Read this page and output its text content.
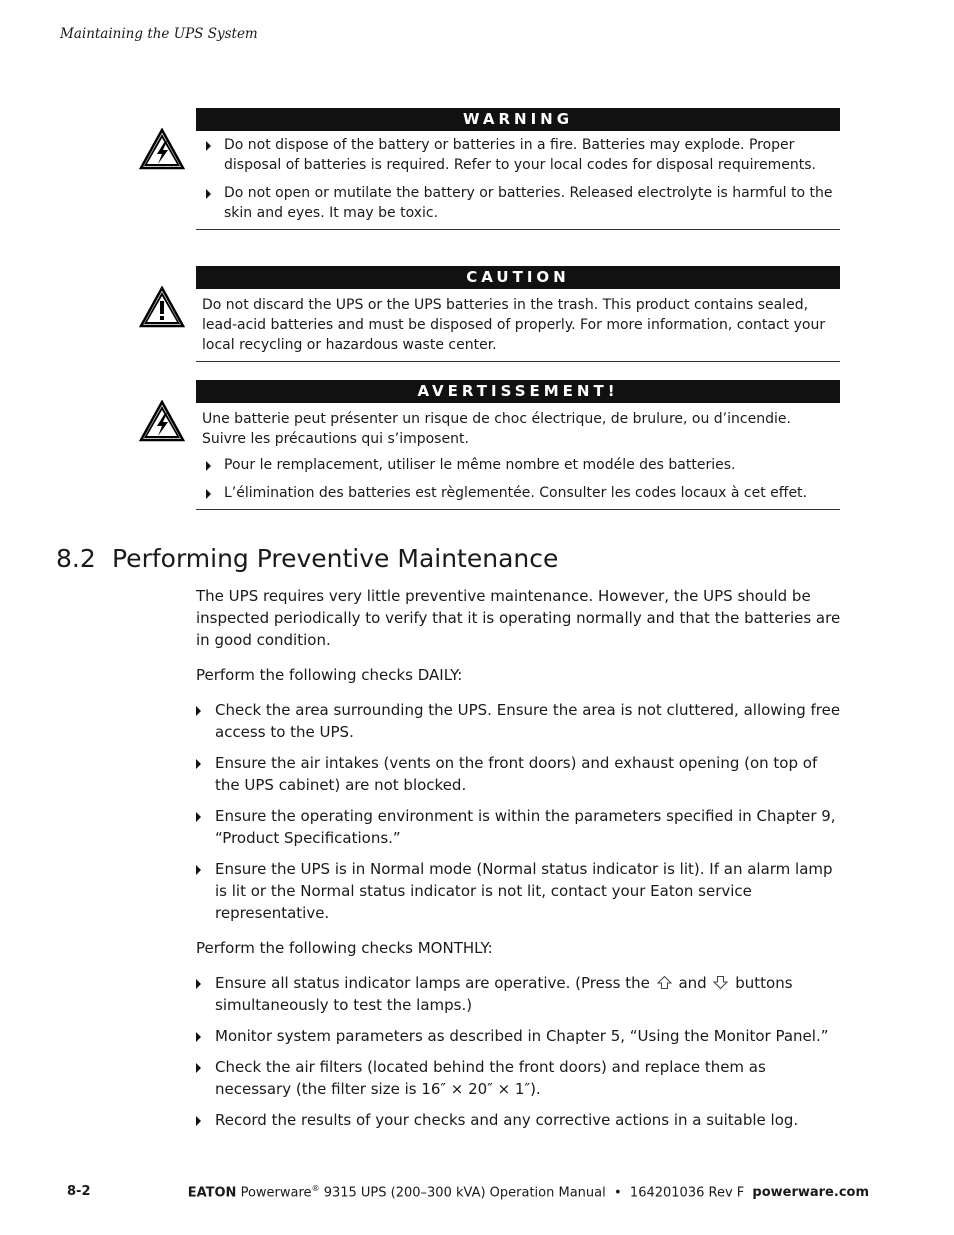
Maintaining the UPS System
WARNING
Do not dispose of the battery or batteries in a fire. Batteries may explode. Proper disposal of batteries is required. Refer to your local codes for disposal requirements.
Do not open or mutilate the battery or batteries. Released electrolyte is harmful to the skin and eyes. It may be toxic.
CAUTION
Do not discard the UPS or the UPS batteries in the trash. This product contains sealed, lead-acid batteries and must be disposed of properly. For more information, contact your local recycling or hazardous waste center.
AVERTISSEMENT!
Une batterie peut présenter un risque de choc électrique, de brulure, ou d’incendie. Suivre les précautions qui s’imposent.
Pour le remplacement, utiliser le même nombre et modéle des batteries.
L’élimination des batteries est règlementée. Consulter les codes locaux à cet effet.
8.2 Performing Preventive Maintenance

The UPS requires very little preventive maintenance. However, the UPS should be inspected periodically to verify that it is operating normally and that the batteries are in good condition.

Perform the following checks DAILY:

Check the area surrounding the UPS. Ensure the area is not cluttered, allowing free access to the UPS.
Ensure the air intakes (vents on the front doors) and exhaust opening (on top of the UPS cabinet) are not blocked.
Ensure the operating environment is within the parameters specified in Chapter 9, “Product Specifications.”
Ensure the UPS is in Normal mode (Normal status indicator is lit). If an alarm lamp is lit or the Normal status indicator is not lit, contact your Eaton service representative.

Perform the following checks MONTHLY:

Ensure all status indicator lamps are operative. (Press the and buttons simultaneously to test the lamps.)
Monitor system parameters as described in Chapter 5, “Using the Monitor Panel.”
Check the air filters (located behind the front doors) and replace them as necessary (the filter size is 16″ × 20″ × 1″).
Record the results of your checks and any corrective actions in a suitable log.
8-2	EATON Powerware® 9315 UPS (200–300 kVA) Operation Manual  •  164201036 Rev F powerware.com
